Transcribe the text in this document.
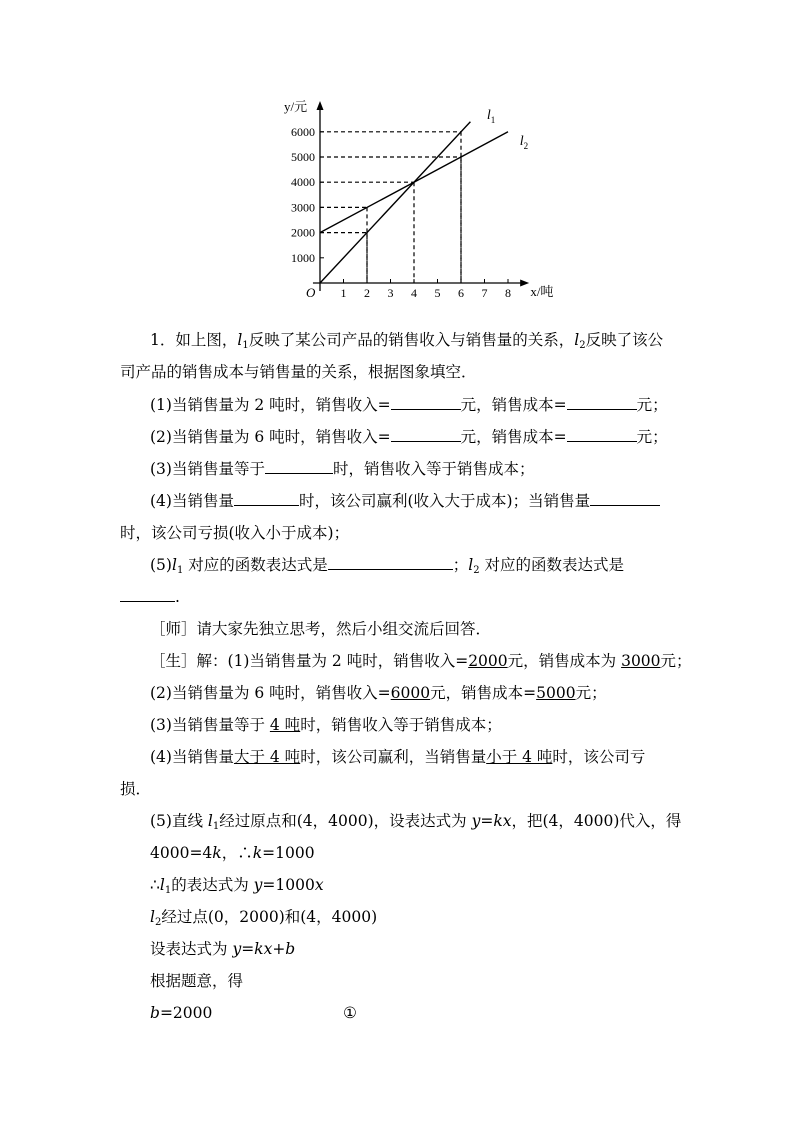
1 2 3 4 5 6 7 8
1000
2000
3000
4000
5000
6000
O
y/元
x/吨
$l_1$
$l_2$
1．如上图，$l_1$反映了某公司产品的销售收入与销售量的关系，$l_2$反映了该公
司产品的销售成本与销售量的关系，根据图象填空．
(1)当销售量为 2 吨时，销售收入=	元，销售成本=	元；
(2)当销售量为 6 吨时，销售收入=	元，销售成本=	元；
(3)当销售量等于	时，销售收入等于销售成本；
(4)当销售量	时，该公司赢利(收入大于成本)；当销售量
时，该公司亏损(收入小于成本)；
$(5)l_1$ 对应的函数表达式是	；$l_2$ 对应的函数表达式是
.
［师］请大家先独立思考，然后小组交流后回答．
［生］解：(1)当销售量为 2 吨时，销售收入=2000元，销售成本为 3000元；
(2)当销售量为 6 吨时，销售收入=6000元，销售成本=5000元；
(3)当销售量等于 4 吨时，销售收入等于销售成本；
(4)当销售量大于 4 吨时，该公司赢利，当销售量小于 4 吨时，该公司亏
损．
(5)直线 $l_1$经过原点和(4，4000)，设表达式为 y=kx，把(4，4000)代入，得
4000=4k，∴k=1000
$\therefore l_1$的表达式为 y=1000x
$l_2$经过点(0，2000)和(4，4000)
设表达式为 y=kx+b
根据题意，得
b=2000	①
